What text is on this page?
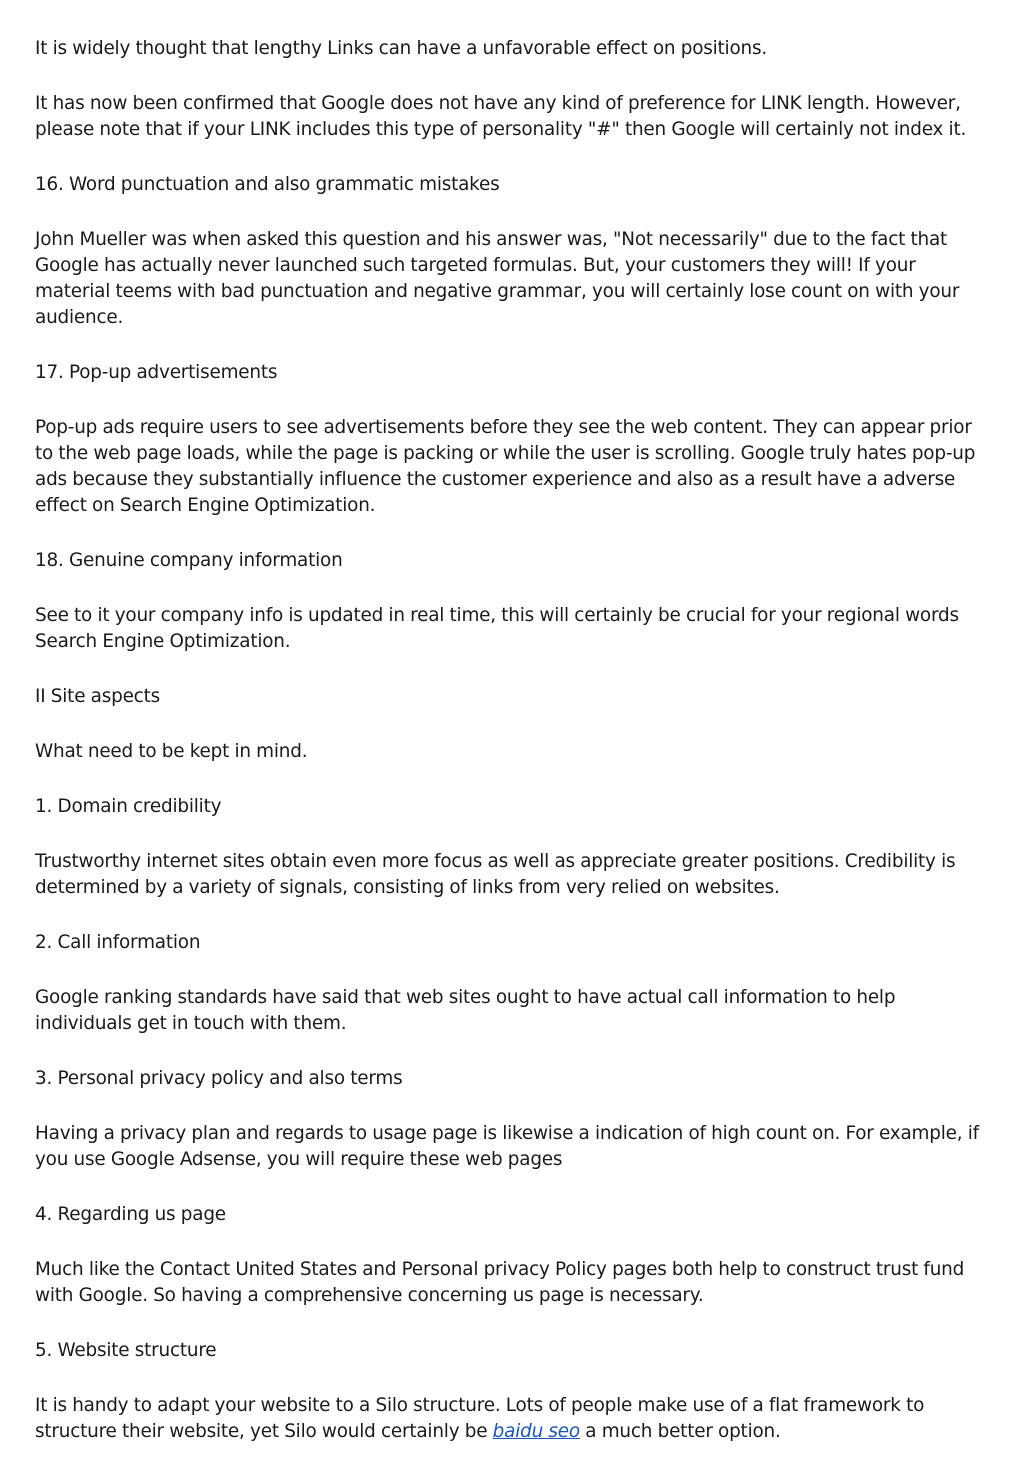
It is widely thought that lengthy Links can have a unfavorable effect on positions.

It has now been confirmed that Google does not have any kind of preference for LINK length. However, please note that if your LINK includes this type of personality "#" then Google will certainly not index it.

16. Word punctuation and also grammatic mistakes

John Mueller was when asked this question and his answer was, "Not necessarily" due to the fact that Google has actually never launched such targeted formulas. But, your customers they will! If your material teems with bad punctuation and negative grammar, you will certainly lose count on with your audience.

17. Pop-up advertisements

Pop-up ads require users to see advertisements before they see the web content. They can appear prior to the web page loads, while the page is packing or while the user is scrolling. Google truly hates pop-up ads because they substantially influence the customer experience and also as a result have a adverse effect on Search Engine Optimization.

18. Genuine company information

See to it your company info is updated in real time, this will certainly be crucial for your regional words Search Engine Optimization.

II Site aspects

What need to be kept in mind.

1. Domain credibility

Trustworthy internet sites obtain even more focus as well as appreciate greater positions. Credibility is determined by a variety of signals, consisting of links from very relied on websites.

2. Call information

Google ranking standards have said that web sites ought to have actual call information to help individuals get in touch with them.

3. Personal privacy policy and also terms

Having a privacy plan and regards to usage page is likewise a indication of high count on. For example, if you use Google Adsense, you will require these web pages

4. Regarding us page

Much like the Contact United States and Personal privacy Policy pages both help to construct trust fund with Google. So having a comprehensive concerning us page is necessary.

5. Website structure

It is handy to adapt your website to a Silo structure. Lots of people make use of a flat framework to structure their website, yet Silo would certainly be baidu seo a much better option.
